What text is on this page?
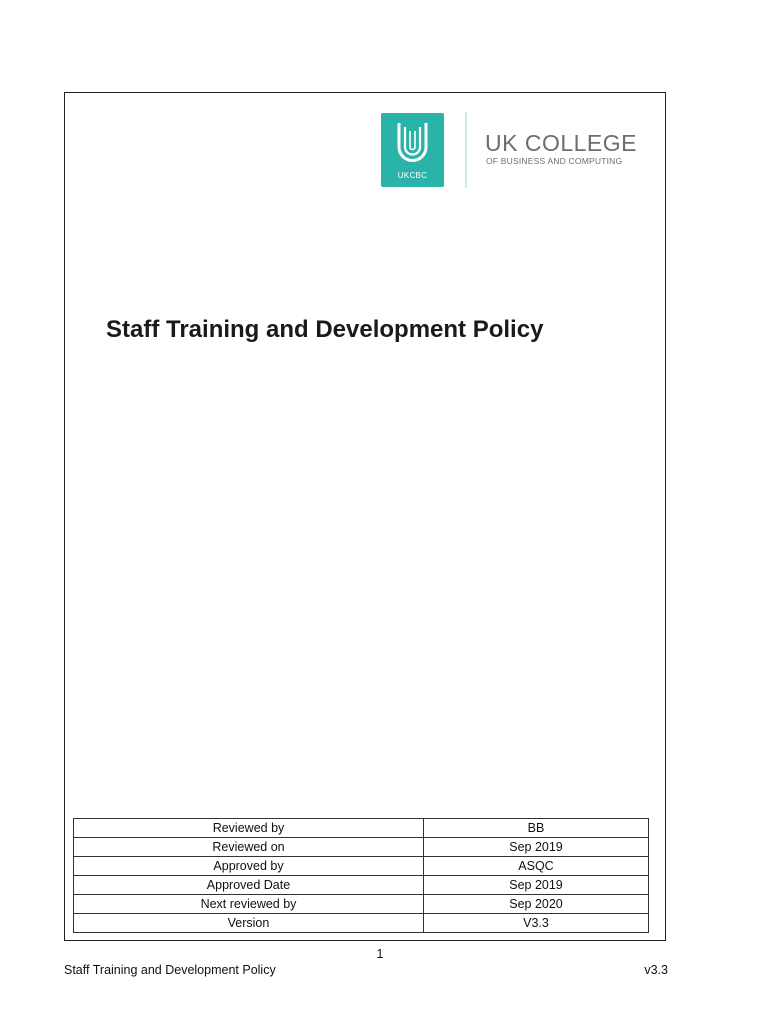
UKCBC
UK COLLEGE
OF BUSINESS AND COMPUTING
Staff Training and Development Policy
Reviewed by	BB
Reviewed on	Sep 2019
Approved by	ASQC
Approved Date	Sep 2019
Next reviewed by	Sep 2020
Version	V3.3
1
Staff Training and Development Policy	v3.3
